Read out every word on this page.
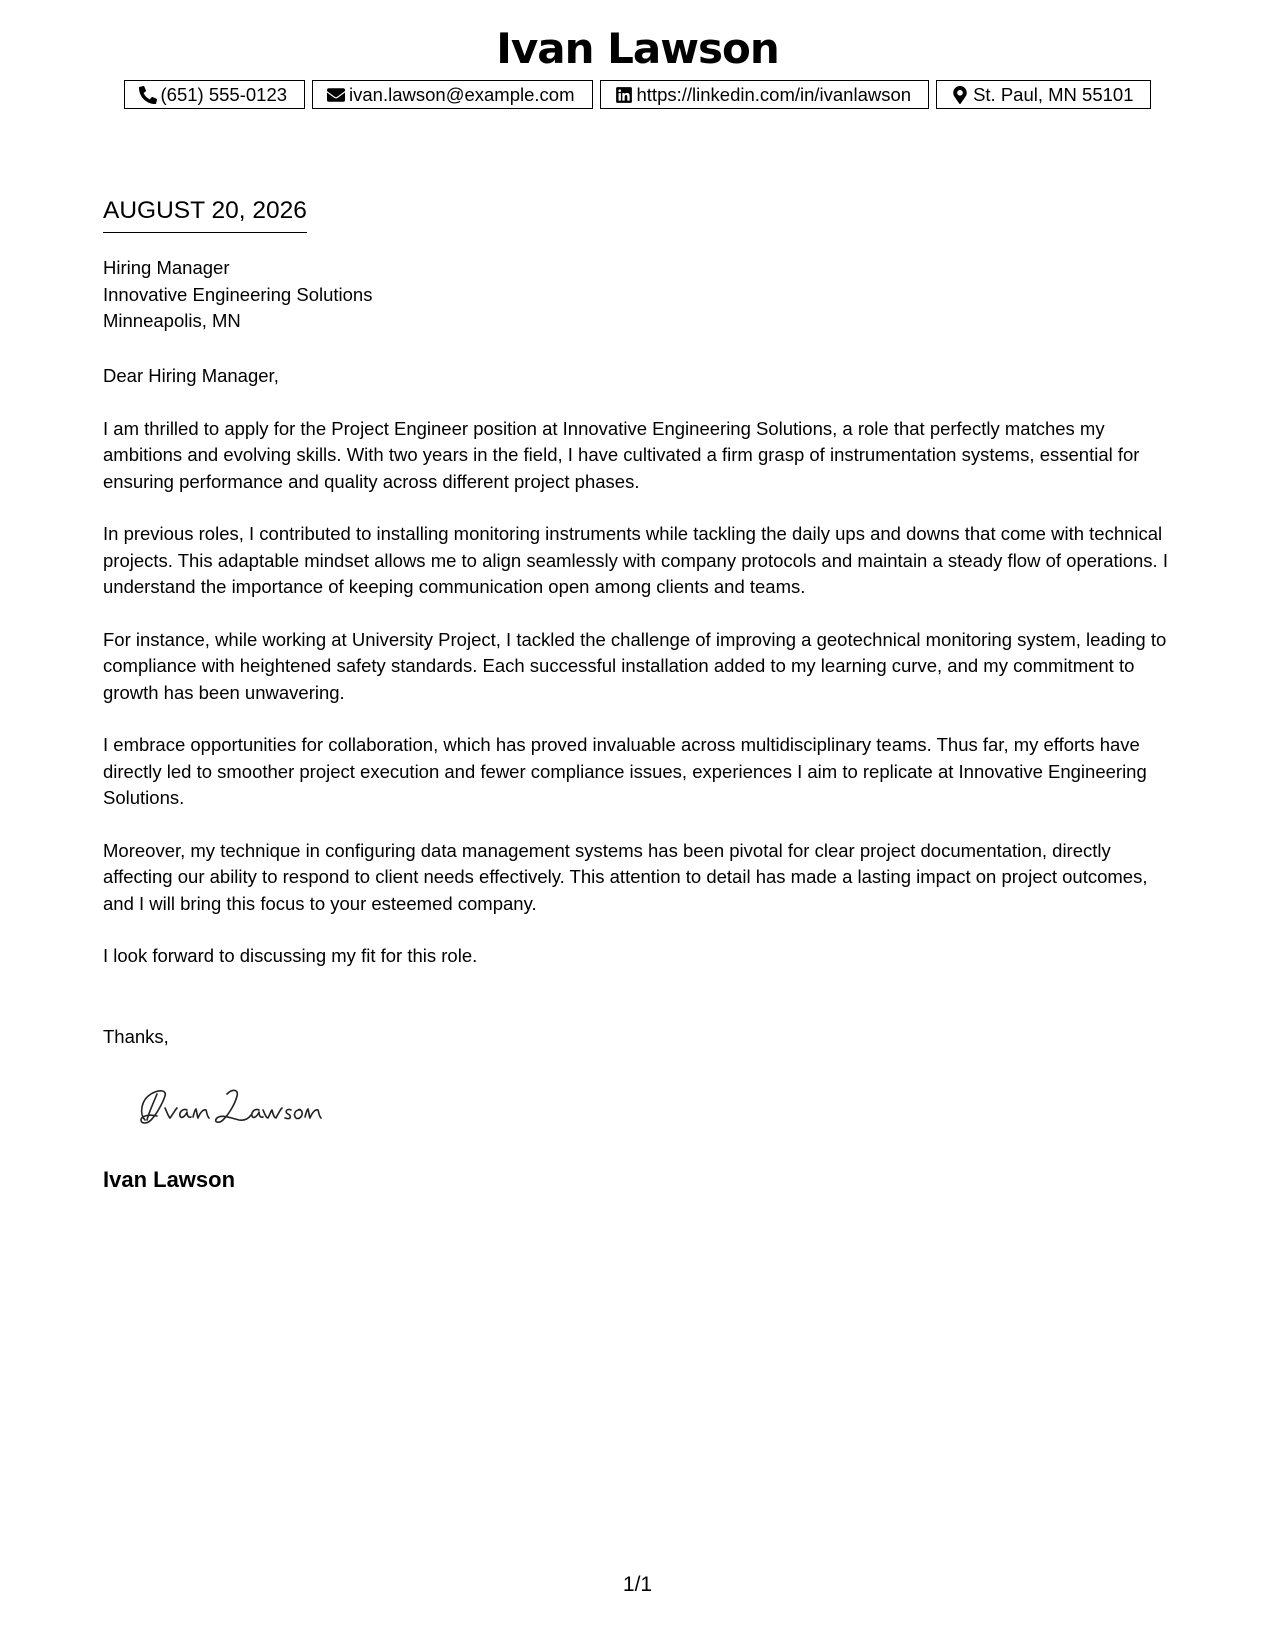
Ivan Lawson
(651) 555-0123	ivan.lawson@example.com	https://linkedin.com/in/ivanlawson	St. Paul, MN 55101
AUGUST 20, 2026
Hiring Manager
Innovative Engineering Solutions
Minneapolis, MN

Dear Hiring Manager,

I am thrilled to apply for the Project Engineer position at Innovative Engineering Solutions, a role that perfectly matches my ambitions and evolving skills. With two years in the field, I have cultivated a firm grasp of instrumentation systems, essential for ensuring performance and quality across different project phases.

In previous roles, I contributed to installing monitoring instruments while tackling the daily ups and downs that come with technical projects. This adaptable mindset allows me to align seamlessly with company protocols and maintain a steady flow of operations. I understand the importance of keeping communication open among clients and teams.

For instance, while working at University Project, I tackled the challenge of improving a geotechnical monitoring system, leading to compliance with heightened safety standards. Each successful installation added to my learning curve, and my commitment to growth has been unwavering.

I embrace opportunities for collaboration, which has proved invaluable across multidisciplinary teams. Thus far, my efforts have directly led to smoother project execution and fewer compliance issues, experiences I aim to replicate at Innovative Engineering Solutions.

Moreover, my technique in configuring data management systems has been pivotal for clear project documentation, directly affecting our ability to respond to client needs effectively. This attention to detail has made a lasting impact on project outcomes, and I will bring this focus to your esteemed company.

I look forward to discussing my fit for this role.

Thanks,
Ivan Lawson
1/1
